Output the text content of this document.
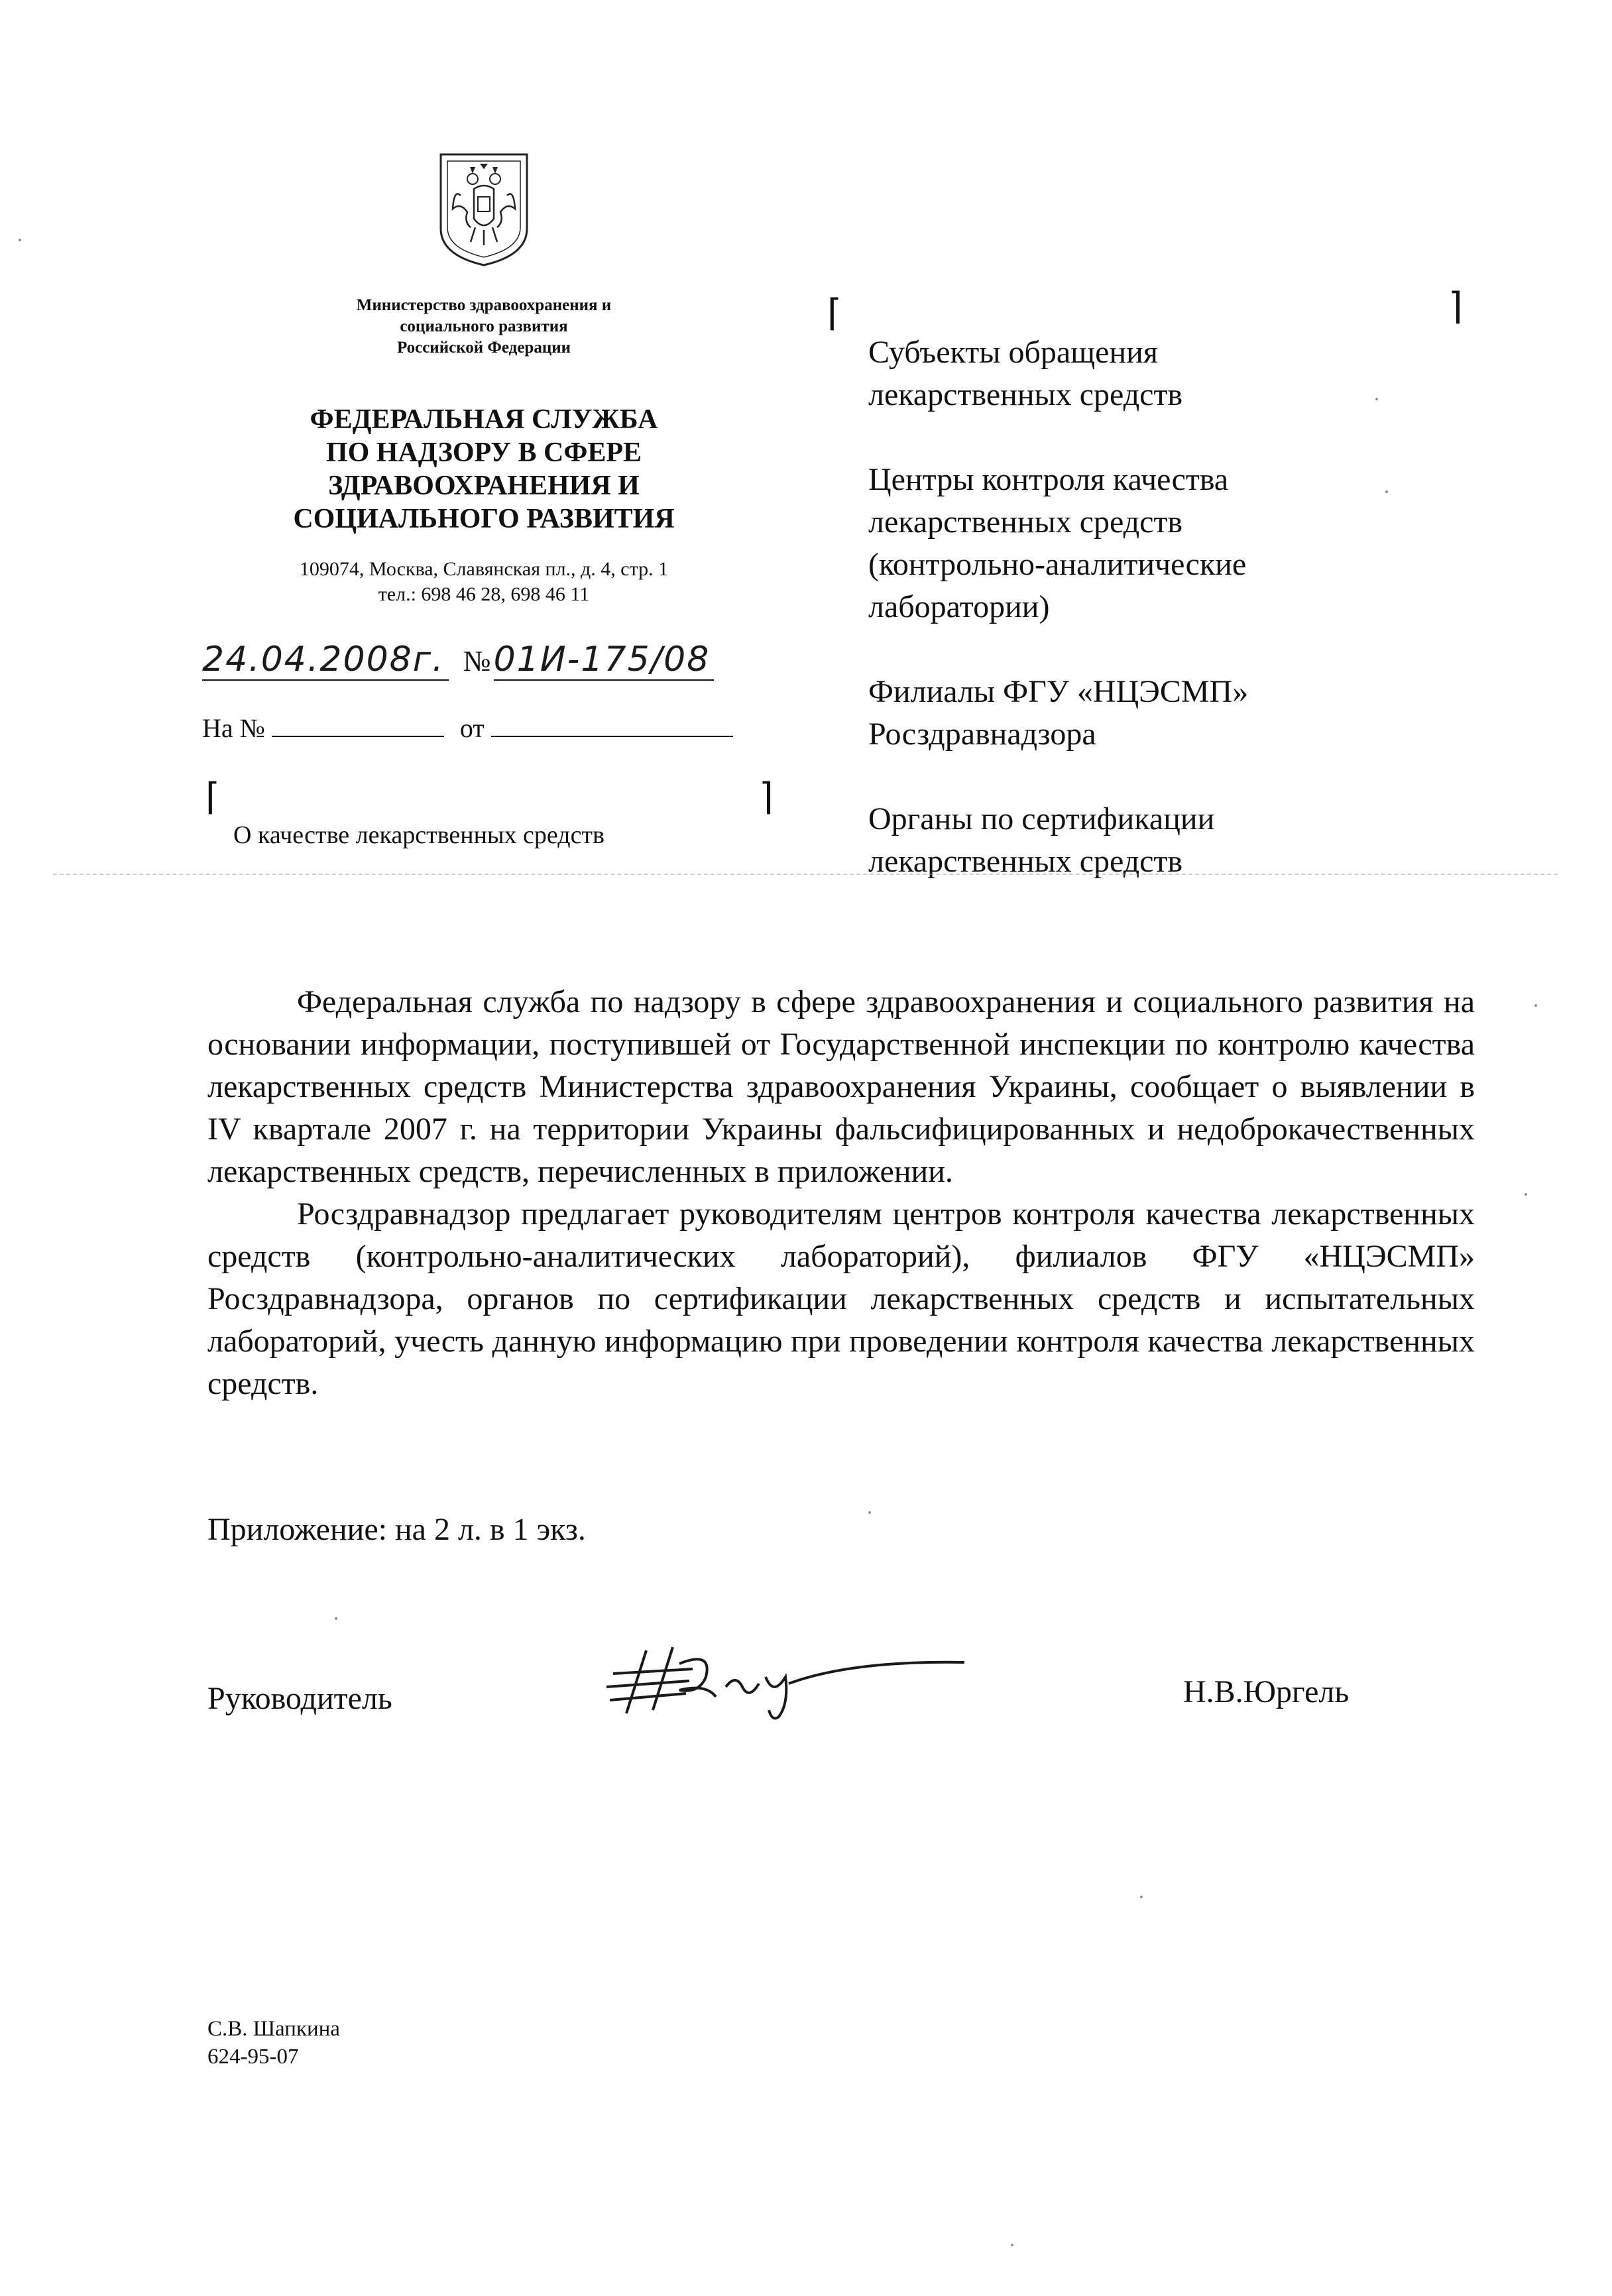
Министерство здравоохранения и
социального развития
Российской Федерации
ФЕДЕРАЛЬНАЯ СЛУЖБА
ПО НАДЗОРУ В СФЕРЕ
ЗДРАВООХРАНЕНИЯ И
СОЦИАЛЬНОГО РАЗВИТИЯ
109074, Москва, Славянская пл., д. 4, стр. 1
тел.: 698 46 28, 698 46 11
24.04.2008г. № 01И-175/08
На №	от
⌈	⌉
О качестве лекарственных средств
⌈	⌉
Субъекты обращения
лекарственных средств
Центры контроля качества
лекарственных средств
(контрольно-аналитические
лаборатории)
Филиалы ФГУ «НЦЭСМП»
Росздравнадзора
Органы по сертификации
лекарственных средств

Федеральная служба по надзору в сфере здравоохранения и социального развития на основании информации, поступившей от Государственной инспекции по контролю качества лекарственных средств Министерства здравоохранения Украины, сообщает о выявлении в IV квартале 2007 г. на территории Украины фальсифицированных и недоброкачественных лекарственных средств, перечисленных в приложении.

Росздравнадзор предлагает руководителям центров контроля качества лекарственных средств (контрольно-аналитических лабораторий), филиалов ФГУ «НЦЭСМП» Росздравнадзора, органов по сертификации лекарственных средств и испытательных лабораторий, учесть данную информацию при проведении контроля качества лекарственных средств.

Приложение: на 2 л. в 1 экз.
Руководитель	Н.В.Юргель
С.В. Шапкина
624-95-07
